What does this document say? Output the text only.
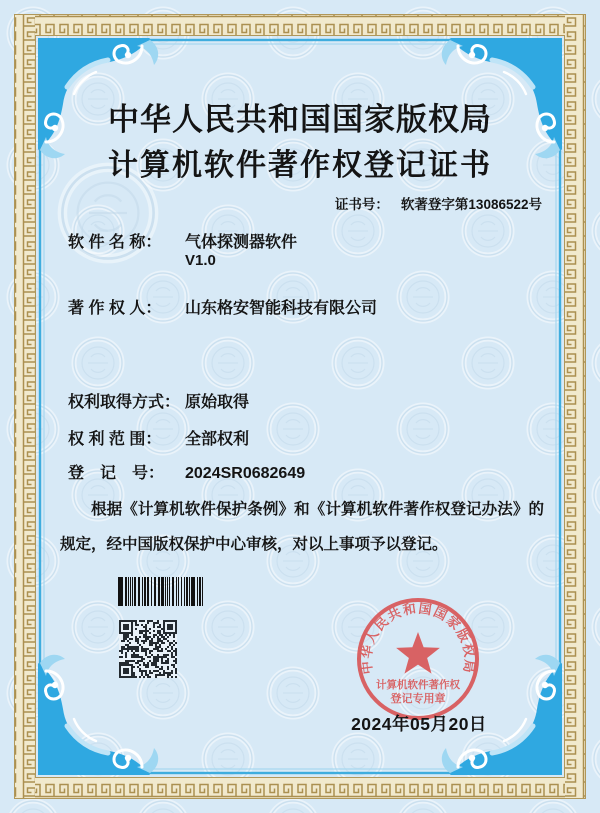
中华人民共和国国家版权局
计算机软件著作权登记证书
证书号： 软著登字第13086522号
软 件 名 称： 气体探测器软件
V1.0
著 作 权 人： 山东格安智能科技有限公司
权利取得方式： 原始取得
权 利 范 围： 全部权利
登　记　号： 2024SR0682649

根据《计算机软件保护条例》和《计算机软件著作权登记办法》的规定，经中国版权保护中心审核，对以上事项予以登记。

中华人民共和国国家版权局
计算机软件著作权
登记专用章
2024年05月20日
